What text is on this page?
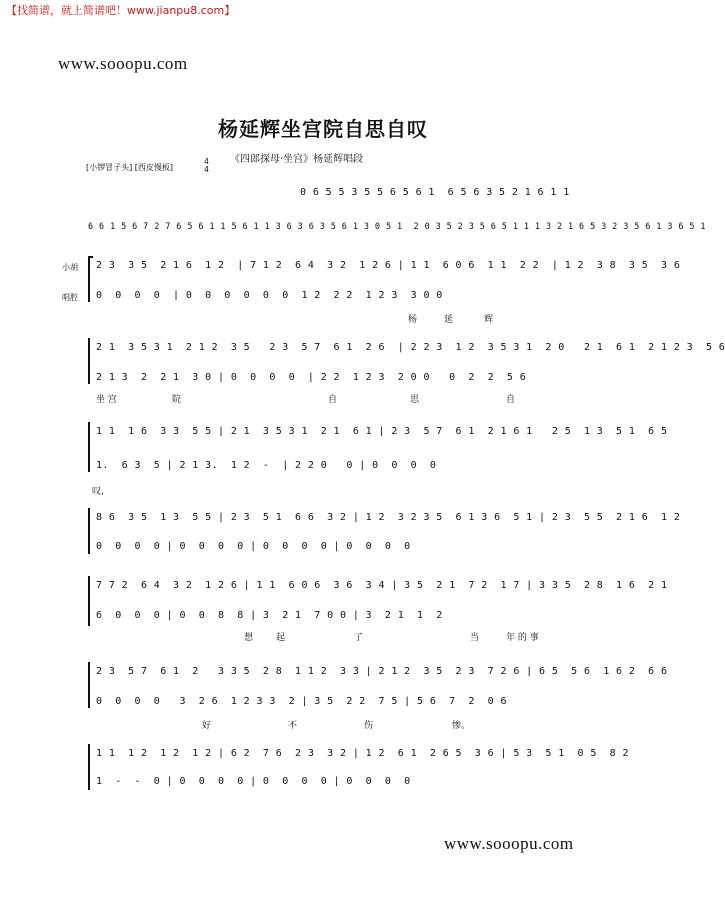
【找简谱，就上简谱吧！www.jianpu8.com】
www.sooopu.com
杨延辉坐宫院自思自叹
《四郎探母·坐宫》杨延辉唱段
[小锣冒子头] [西皮慢板]
4
4
0 6 5 5 3 5 5 6 5 6 1  6 5 6 3 5 2 1 6 1 1
6 6 1 5 6 7 2 7 6 5 6 1 1 5 6 1 1 3 6 3 6 3 5 6 1 3 0 5 1  2 0 3 5 2 3 5 6 5 1 1 1 3 2 1 6 5 3 2 3 5 6 1 3 6 5 1
小胡
唱腔
2 3  3 5  2 1 6  1 2  | 7 1 2  6 4  3 2  1 2 6 | 1 1  6 0 6  1 1  2 2  | 1 2  3 8  3 5  3 6
0  0  0  0  | 0  0  0  0  0  0  1 2  2 2  1 2 3  3 0 0
杨	延	辉
2 1  3 5 3 1  2 1 2  3 5   2 3  5 7  6 1  2 6  | 2 2 3  1 2  3 5 3 1  2 0   2 1  6 1  2 1 2 3  5 6
2 1 3  2  2 1  3 0 | 0  0  0  0  | 2 2  1 2 3  2 0 0   0  2  2  5 6
坐 宫	院	自	思	自
1 1  1 6  3 3  5 5 | 2 1  3 5 3 1  2 1  6 1 | 2 3  5 7  6 1  2 1 6 1   2 5  1 3  5 1  6 5
1.  6 3  5 | 2 1 3.  1 2  -  | 2 2 0   0 | 0  0  0  0
叹,
8 6  3 5  1 3  5 5 | 2 3  5 1  6 6  3 2 | 1 2  3 2 3 5  6 1 3 6  5 1 | 2 3  5 5  2 1 6  1 2
0  0  0  0 | 0  0  0  0 | 0  0  0  0 | 0  0  0  0
7 7 2  6 4  3 2  1 2 6 | 1 1  6 0 6  3 6  3 4 | 3 5  2 1  7 2  1 7 | 3 3 5  2 8  1 6  2 1
6  0  0  0 | 0  0  8  8 | 3  2 1  7 0 0 | 3  2 1  1  2
想	起	了	当	年 的 事
2 3  5 7  6 1  2   3 3 5  2 8  1 1 2  3 3 | 2 1 2  3 5  2 3  7 2 6 | 6 5  5 6  1 6 2  6 6
0  0  0  0   3  2 6  1 2 3 3  2 | 3 5  2 2  7 5 | 5 6  7  2  0 6
好	不	伤	惨。
1 1  1 2  1 2  1 2 | 6 2  7 6  2 3  3 2 | 1 2  6 1  2 6 5  3 6 | 5 3  5 1  0 5  8 2
1  -  -  0 | 0  0  0  0 | 0  0  0  0 | 0  0  0  0
www.sooopu.com
